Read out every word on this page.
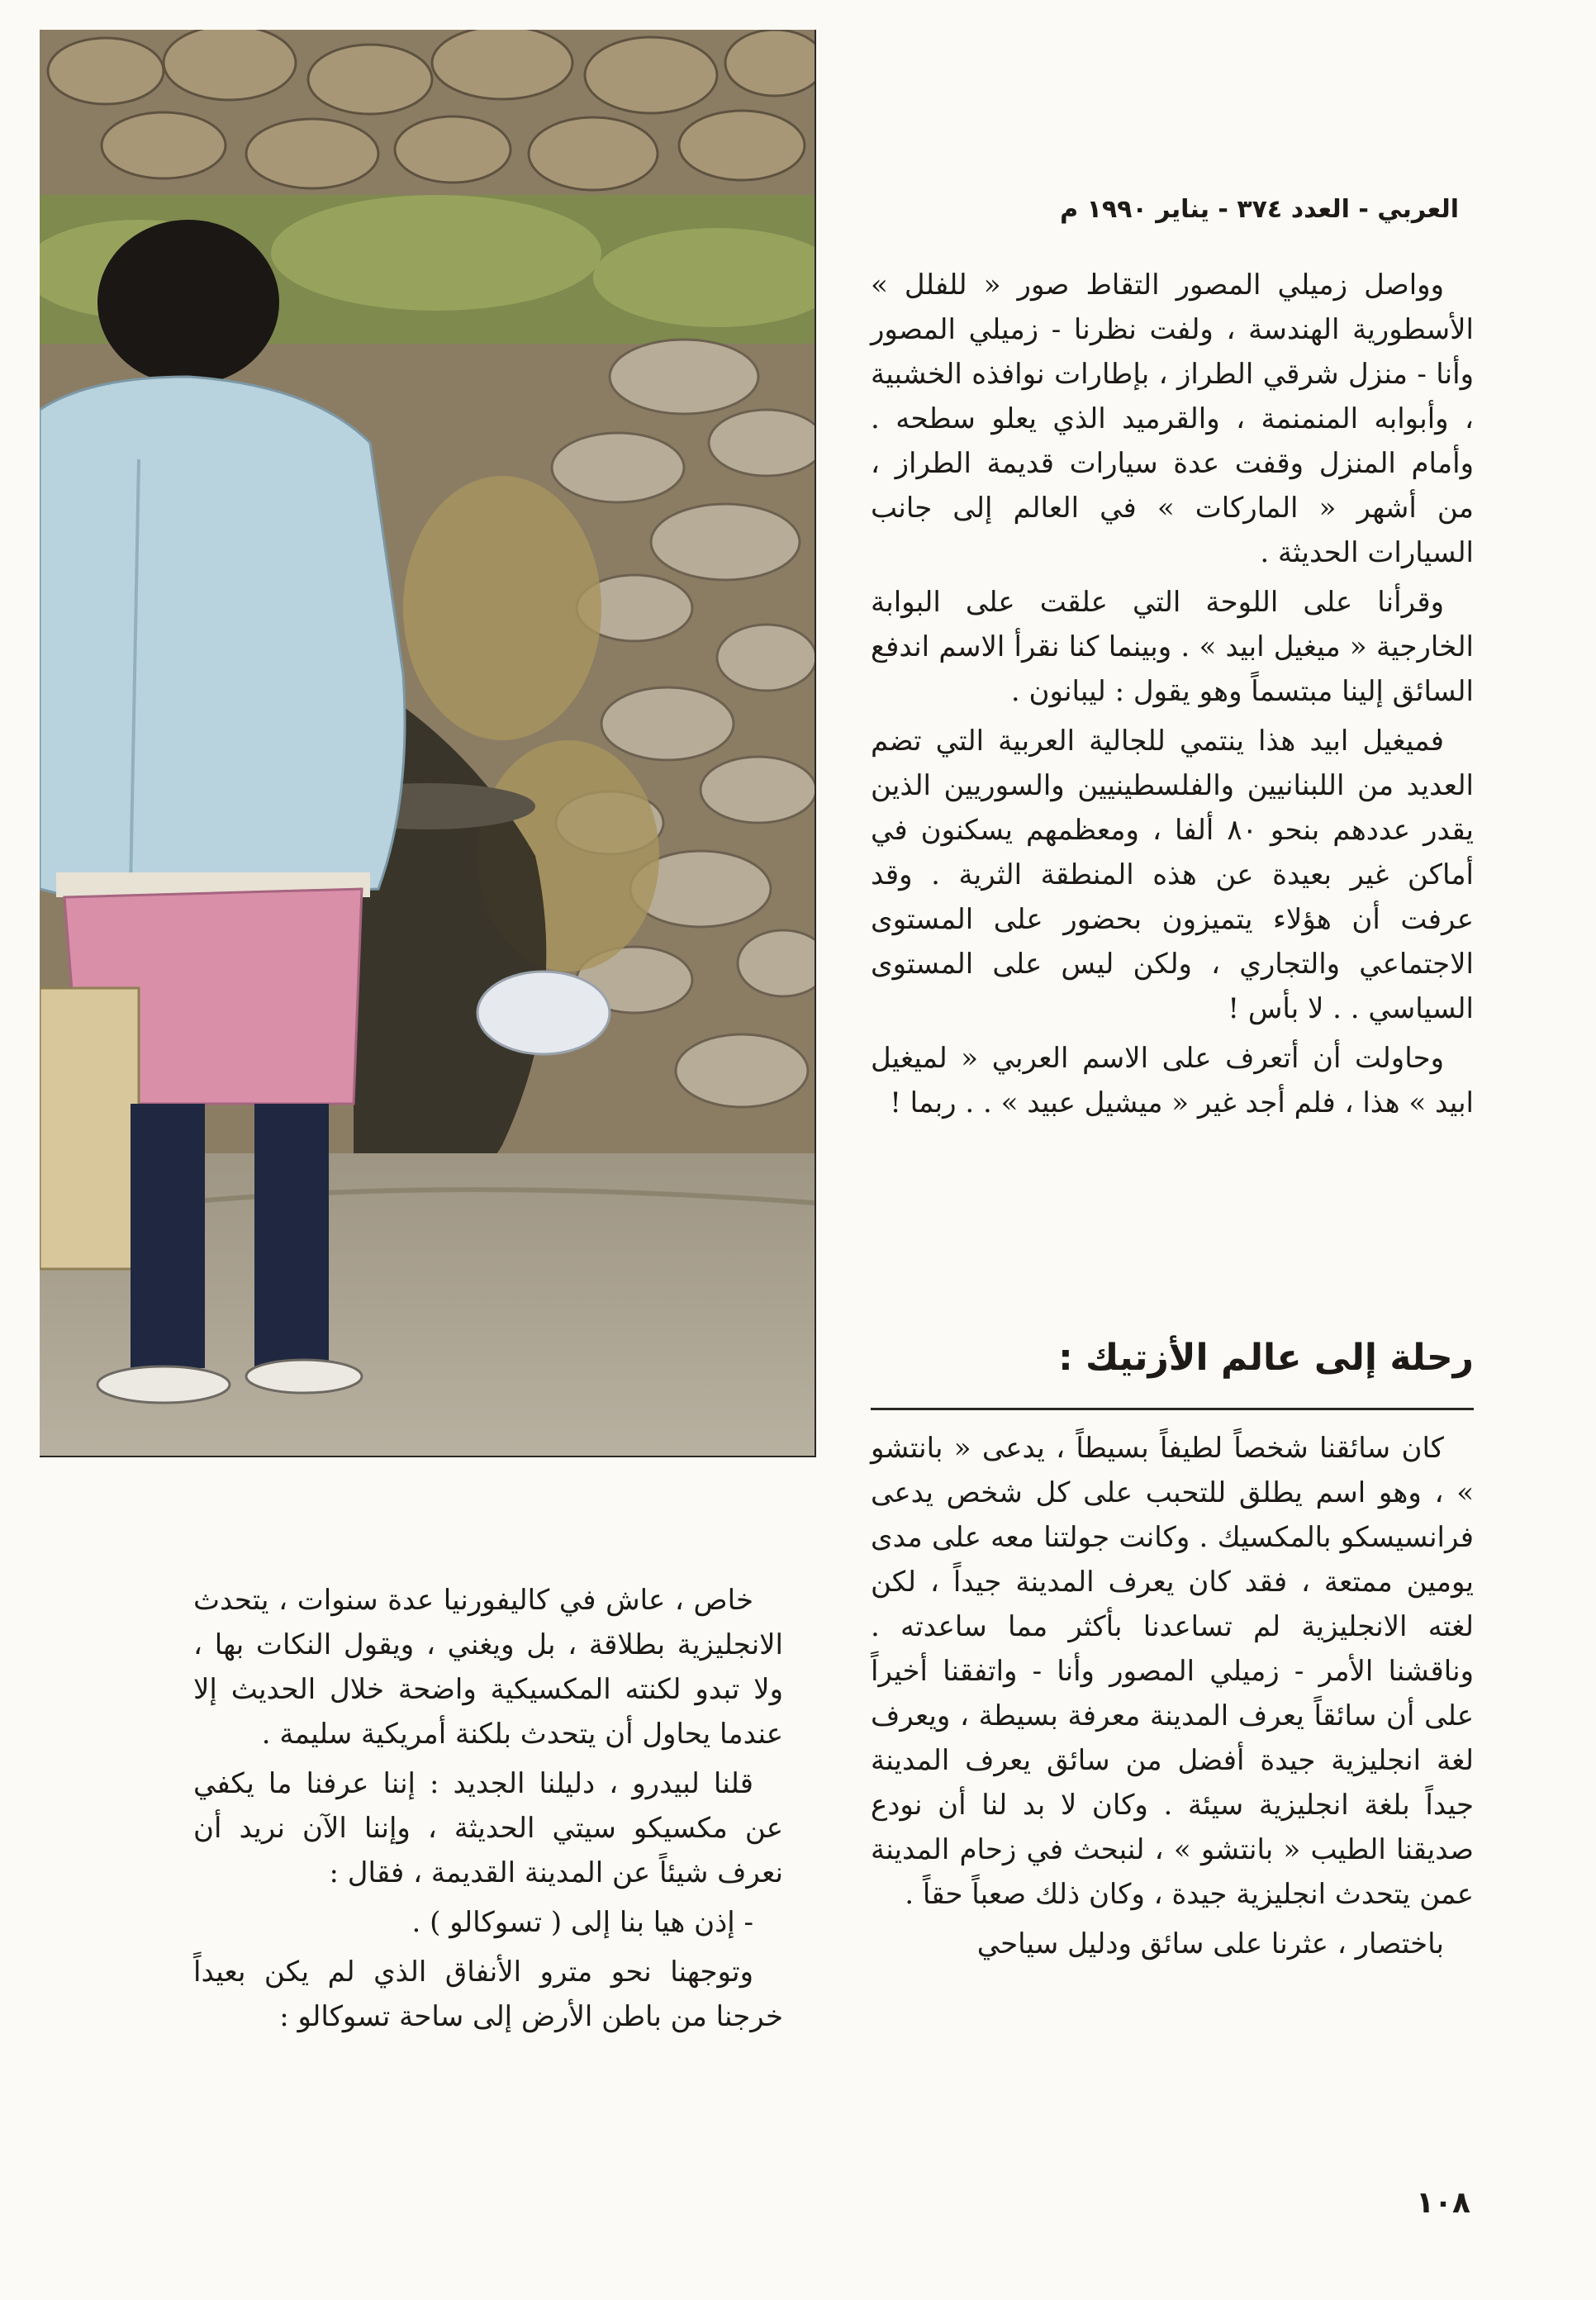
العربي - العدد ٣٧٤ - يناير ١٩٩٠ م

وواصل زميلي المصور التقاط صور « للفلل » الأسطورية الهندسة ، ولفت نظرنا - زميلي المصور وأنا - منزل شرقي الطراز ، بإطارات نوافذه الخشبية ، وأبوابه المنمنمة ، والقرميد الذي يعلو سطحه . وأمام المنزل وقفت عدة سيارات قديمة الطراز ، من أشهر « الماركات » في العالم إلى جانب السيارات الحديثة .

وقرأنا على اللوحة التي علقت على البوابة الخارجية « ميغيل ابيد » . وبينما كنا نقرأ الاسم اندفع السائق إلينا مبتسماً وهو يقول : ليبانون .

فميغيل ابيد هذا ينتمي للجالية العربية التي تضم العديد من اللبنانيين والفلسطينيين والسوريين الذين يقدر عددهم بنحو ٨٠ ألفا ، ومعظمهم يسكنون في أماكن غير بعيدة عن هذه المنطقة الثرية . وقد عرفت أن هؤلاء يتميزون بحضور على المستوى الاجتماعي والتجاري ، ولكن ليس على المستوى السياسي . . لا بأس !

وحاولت أن أتعرف على الاسم العربي « لميغيل ابيد » هذا ، فلم أجد غير « ميشيل عبيد » . . ربما !

رحلة إلى عالم الأزتيك :

كان سائقنا شخصاً لطيفاً بسيطاً ، يدعى « بانتشو » ، وهو اسم يطلق للتحبب على كل شخص يدعى فرانسيسكو بالمكسيك . وكانت جولتنا معه على مدى يومين ممتعة ، فقد كان يعرف المدينة جيداً ، لكن لغته الانجليزية لم تساعدنا بأكثر مما ساعدته . وناقشنا الأمر - زميلي المصور وأنا - واتفقنا أخيراً على أن سائقاً يعرف المدينة معرفة بسيطة ، ويعرف لغة انجليزية جيدة أفضل من سائق يعرف المدينة جيداً بلغة انجليزية سيئة . وكان لا بد لنا أن نودع صديقنا الطيب « بانتشو » ، لنبحث في زحام المدينة عمن يتحدث انجليزية جيدة ، وكان ذلك صعباً حقاً .

باختصار ، عثرنا على سائق ودليل سياحي

خاص ، عاش في كاليفورنيا عدة سنوات ، يتحدث الانجليزية بطلاقة ، بل ويغني ، ويقول النكات بها ، ولا تبدو لكنته المكسيكية واضحة خلال الحديث إلا عندما يحاول أن يتحدث بلكنة أمريكية سليمة .

قلنا لبيدرو ، دليلنا الجديد : إننا عرفنا ما يكفي عن مكسيكو سيتي الحديثة ، وإننا الآن نريد أن نعرف شيئاً عن المدينة القديمة ، فقال :

- إذن هيا بنا إلى ( تسوكالو ) .

وتوجهنا نحو مترو الأنفاق الذي لم يكن بعيداً خرجنا من باطن الأرض إلى ساحة تسوكالو :

١٠٨
